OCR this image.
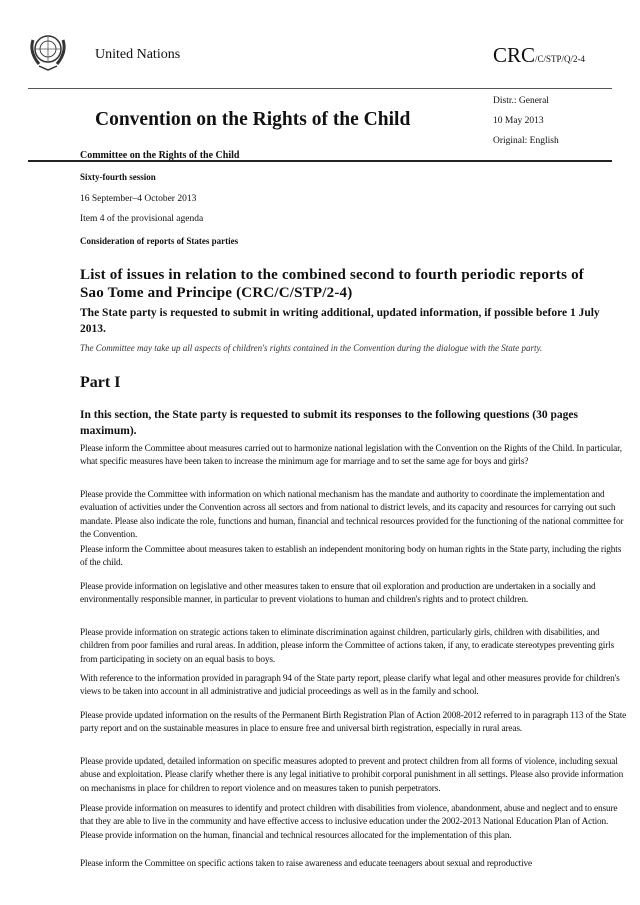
United Nations	CRC/C/STP/Q/2-4
Distr.: General
10 May 2013
Original: English
Convention on the Rights of the Child
Committee on the Rights of the Child
Sixty-fourth session
16 September–4 October 2013
Item 4 of the provisional agenda
Consideration of reports of States parties
List of issues in relation to the combined second to fourth periodic reports of Sao Tome and Principe (CRC/C/STP/2-4)
The State party is requested to submit in writing additional, updated information, if possible before 1 July 2013.
The Committee may take up all aspects of children's rights contained in the Convention during the dialogue with the State party.
Part I
In this section, the State party is requested to submit its responses to the following questions (30 pages maximum).
Please inform the Committee about measures carried out to harmonize national legislation with the Convention on the Rights of the Child. In particular, what specific measures have been taken to increase the minimum age for marriage and to set the same age for boys and girls?
Please provide the Committee with information on which national mechanism has the mandate and authority to coordinate the implementation and evaluation of activities under the Convention across all sectors and from national to district levels, and its capacity and resources for carrying out such mandate. Please also indicate the role, functions and human, financial and technical resources provided for the functioning of the national committee for the Convention.
Please inform the Committee about measures taken to establish an independent monitoring body on human rights in the State party, including the rights of the child.
Please provide information on legislative and other measures taken to ensure that oil exploration and production are undertaken in a socially and environmentally responsible manner, in particular to prevent violations to human and children's rights and to protect children.
Please provide information on strategic actions taken to eliminate discrimination against children, particularly girls, children with disabilities, and children from poor families and rural areas. In addition, please inform the Committee of actions taken, if any, to eradicate stereotypes preventing girls from participating in society on an equal basis to boys.
With reference to the information provided in paragraph 94 of the State party report, please clarify what legal and other measures provide for children's views to be taken into account in all administrative and judicial proceedings as well as in the family and school.
Please provide updated information on the results of the Permanent Birth Registration Plan of Action 2008-2012 referred to in paragraph 113 of the State party report and on the sustainable measures in place to ensure free and universal birth registration, especially in rural areas.
Please provide updated, detailed information on specific measures adopted to prevent and protect children from all forms of violence, including sexual abuse and exploitation. Please clarify whether there is any legal initiative to prohibit corporal punishment in all settings. Please also provide information on mechanisms in place for children to report violence and on measures taken to punish perpetrators.
Please provide information on measures to identify and protect children with disabilities from violence, abandonment, abuse and neglect and to ensure that they are able to live in the community and have effective access to inclusive education under the 2002-2013 National Education Plan of Action. Please provide information on the human, financial and technical resources allocated for the implementation of this plan.
Please inform the Committee on specific actions taken to raise awareness and educate teenagers about sexual and reproductive
